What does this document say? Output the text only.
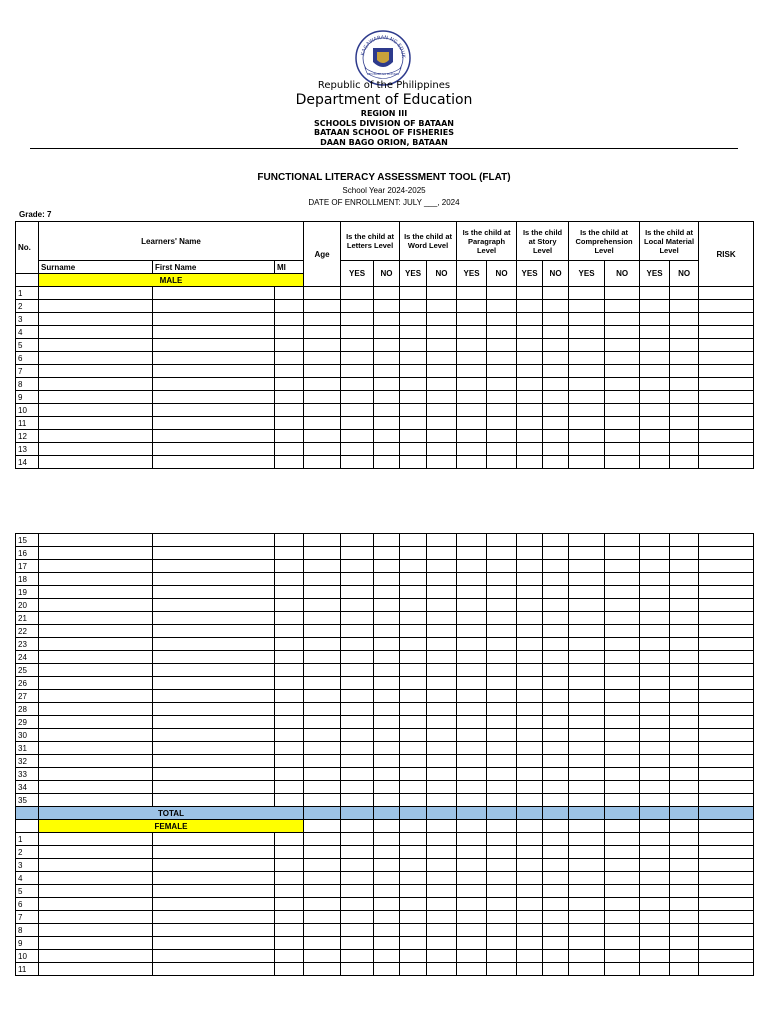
KAGAWARAN NG EDUK
REPUBLIKA NG PILIPINAS
Republic of the Philippines
Department of Education
REGION III
SCHOOLS DIVISION OF BATAAN
BATAAN SCHOOL OF FISHERIES
DAAN BAGO ORION, BATAAN
FUNCTIONAL LITERACY ASSESSMENT TOOL (FLAT)
School Year 2024-2025
DATE OF ENROLLMENT: JULY ___, 2024
Grade: 7
No.	Learners' Name			Age	Is the child at Letters Level		Is the child at Word Level		Is the child at Paragraph Level		Is the child at Story Level		Is the child at Comprehension Level		Is the child at Local Material Level		RISK
	Surname	First Name	MI		YES	NO	YES	NO	YES	NO	YES	NO	YES	NO	YES	NO	
	MALE																
1																	
2																	
3																	
4																	
5																	
6																	
7																	
8																	
9																	
10																	
11																	
12																	
13																	
14																	
15																	
16																	
17																	
18																	
19																	
20																	
21																	
22																	
23																	
24																	
25																	
26																	
27																	
28																	
29																	
30																	
31																	
32																	
33																	
34																	
35																	
	TOTAL																
	FEMALE																
1																	
2																	
3																	
4																	
5																	
6																	
7																	
8																	
9																	
10																	
11																	
